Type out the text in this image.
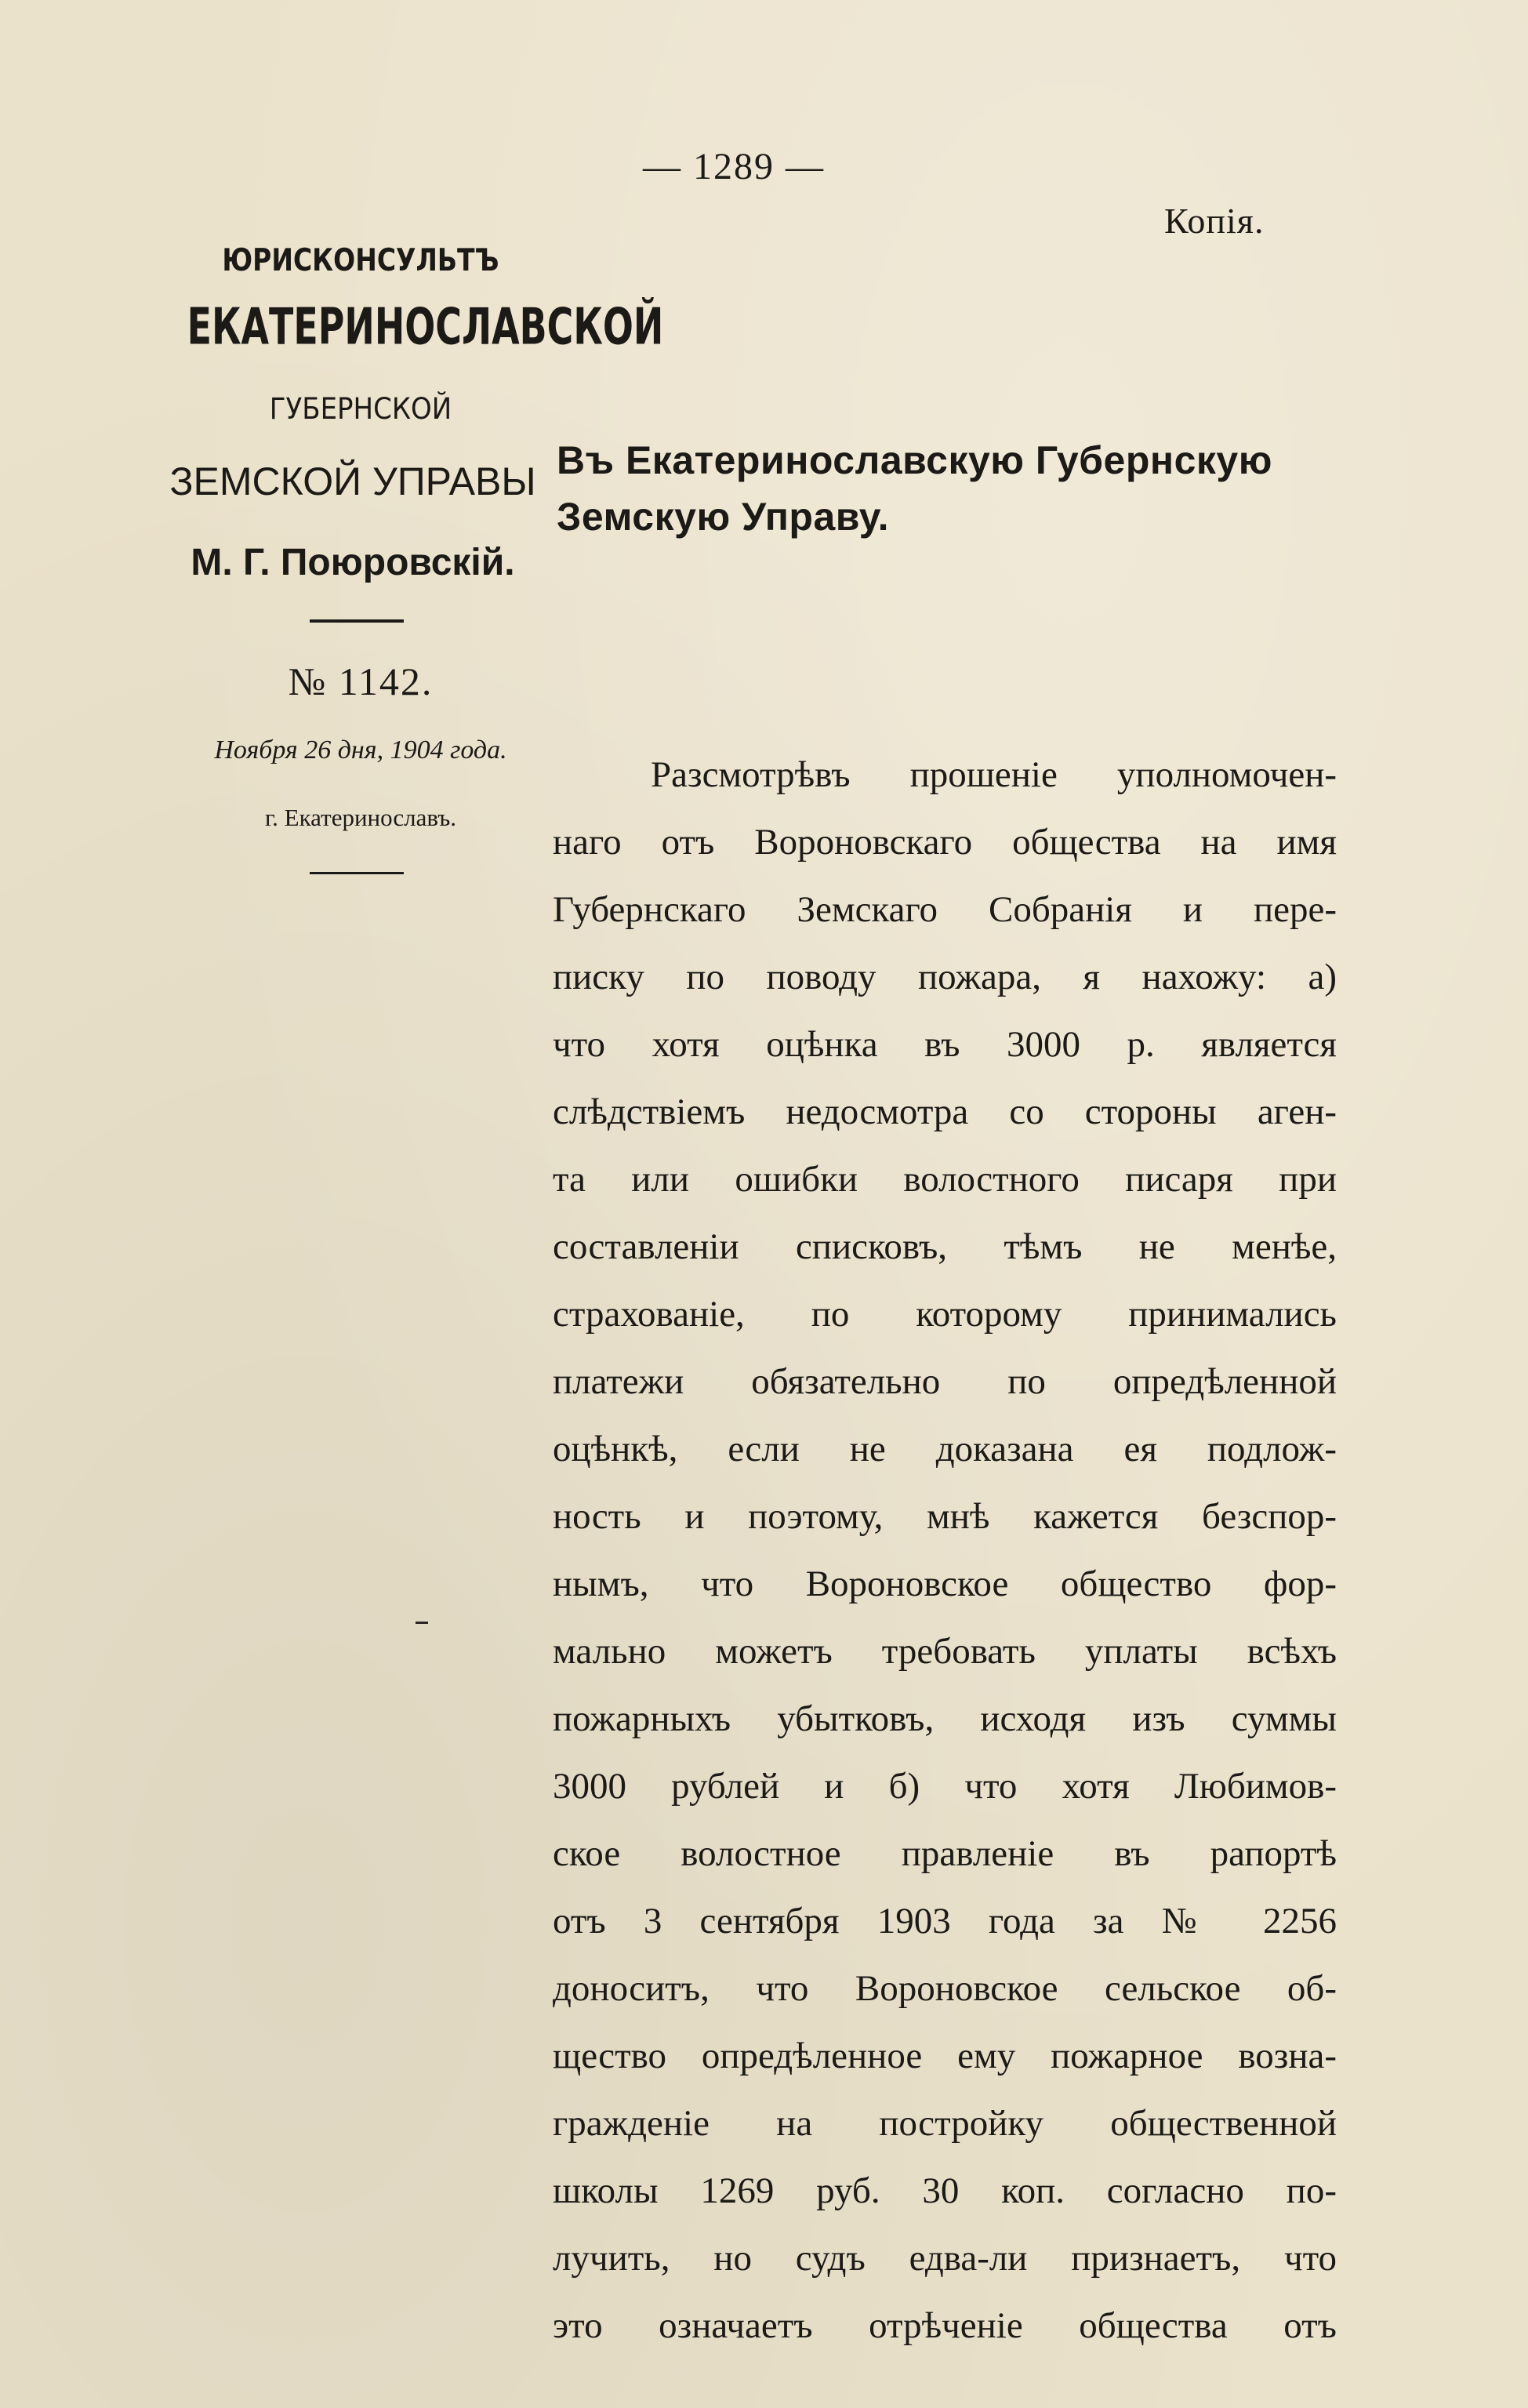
— 1289 —
Копія.
ЮРИСКОНСУЛЬТЪ
ЕКАТЕРИНОСЛАВСКОЙ
ГУБЕРНСКОЙ
ЗЕМСКОЙ УПРАВЫ
М. Г. Поюровскій.
№ 1142.
Ноября 26 дня, 1904 года.
г. Екатеринославъ.
Въ Екатеринославскую Губернскую
Земскую Управу.
Разсмотрѣвъ прошеніе уполномочен-
наго отъ Вороновскаго общества на имя
Губернскаго Земскаго Собранія и пере-
писку по поводу пожара, я нахожу: а)
что хотя оцѣнка въ 3000 р. является
слѣдствіемъ недосмотра со стороны аген-
та или ошибки волостного писаря при
составленіи списковъ, тѣмъ не менѣе,
страхованіе, по которому принимались
платежи обязательно по опредѣленной
оцѣнкѣ, если не доказана ея подлож-
ность и поэтому, мнѣ кажется безспор-
нымъ, что Вороновское общество фор-
мально можетъ требовать уплаты всѣхъ
пожарныхъ убытковъ, исходя изъ суммы
3000 рублей и б) что хотя Любимов-
ское волостное правленіе въ рапортѣ
отъ 3 сентября 1903 года за № 2256
доноситъ, что Вороновское сельское об-
щество опредѣленное ему пожарное возна-
гражденіе на постройку общественной
школы 1269 руб. 30 коп. согласно по-
лучить, но судъ едва-ли признаетъ, что
это означаетъ отрѣченіе общества отъ
